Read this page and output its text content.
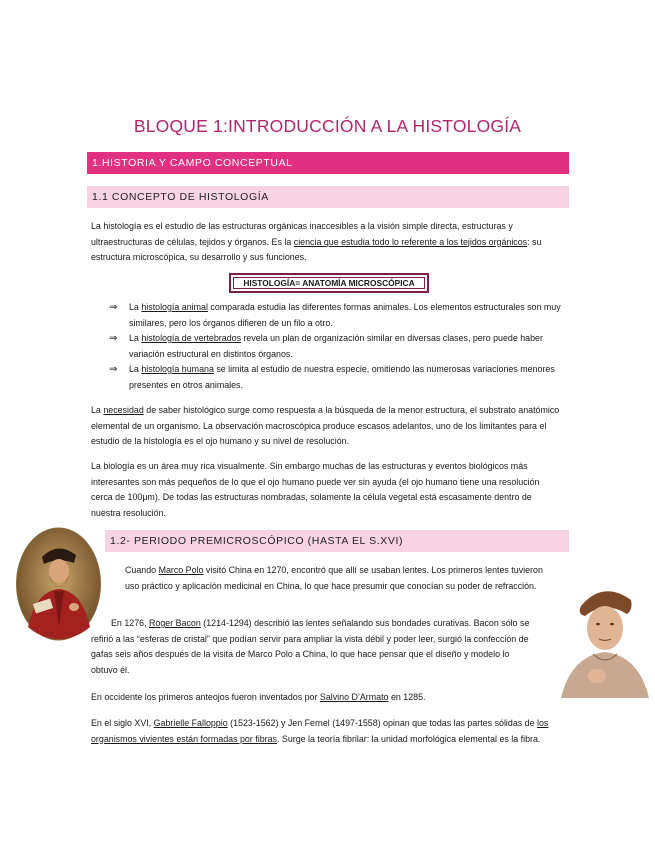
BLOQUE 1:INTRODUCCIÓN A LA HISTOLOGÍA
1.HISTORIA Y CAMPO CONCEPTUAL
1.1 CONCEPTO DE HISTOLOGÍA
La histología es el estudio de las estructuras orgánicas inaccesibles a la visión simple directa, estructuras y ultraestructuras de células, tejidos y órganos. Es la ciencia que estudia todo lo referente a los tejidos orgánicos: su estructura microscópica, su desarrollo y sus funciones.
HISTOLOGÍA= ANATOMÍA MICROSCÓPICA
⇒ La histología animal comparada estudia las diferentes formas animales. Los elementos estructurales son muy similares, pero los órganos difieren de un filo a otro.
⇒ La histología de vertebrados revela un plan de organización similar en diversas clases, pero puede haber variación estructural en distintos órganos.
⇒ La histología humana se limita al estudio de nuestra especie, omitiendo las numerosas variaciones menores presentes en otros animales.
La necesidad de saber histológico surge como respuesta a la búsqueda de la menor estructura, el substrato anatómico elemental de un organismo. La observación macroscópica produce escasos adelantos, uno de los limitantes para el estudio de la histología es el ojo humano y su nivel de resolución.
La biología es un área muy rica visualmente. Sin embargo muchas de las estructuras y eventos biológicos más interesantes son más pequeños de lo que el ojo humano puede ver sin ayuda (el ojo humano tiene una resolución cerca de 100μm). De todas las estructuras nombradas, solamente la célula vegetal está escasamente dentro de nuestra resolución.
1.2- PERIODO PREMICROSCÓPICO (HASTA EL S.XVI)
Cuando Marco Polo visitó China en 1270, encontró que allí se usaban lentes. Los primeros lentes tuvieron uso práctico y aplicación medicinal en China, lo que hace presumir que conocían su poder de refracción.
En 1276, Roger Bacon (1214-1294) describió las lentes señalando sus bondades curativas. Bacon sólo se refirió a las “esferas de cristal” que podían servir para ampliar la vista débil y poder leer, surgió la confección de gafas seis años después de la visita de Marco Polo a China, lo que hace pensar que el diseño y modelo lo obtuvo él.
En occidente los primeros anteojos fueron inventados por Salvino D’Armato en 1285.
En el siglo XVI, Gabrielle Falloppio (1523-1562) y Jen Fernel (1497-1558) opinan que todas las partes sólidas de los organismos vivientes están formadas por fibras. Surge la teoría fibrilar: la unidad morfológica elemental es la fibra.
